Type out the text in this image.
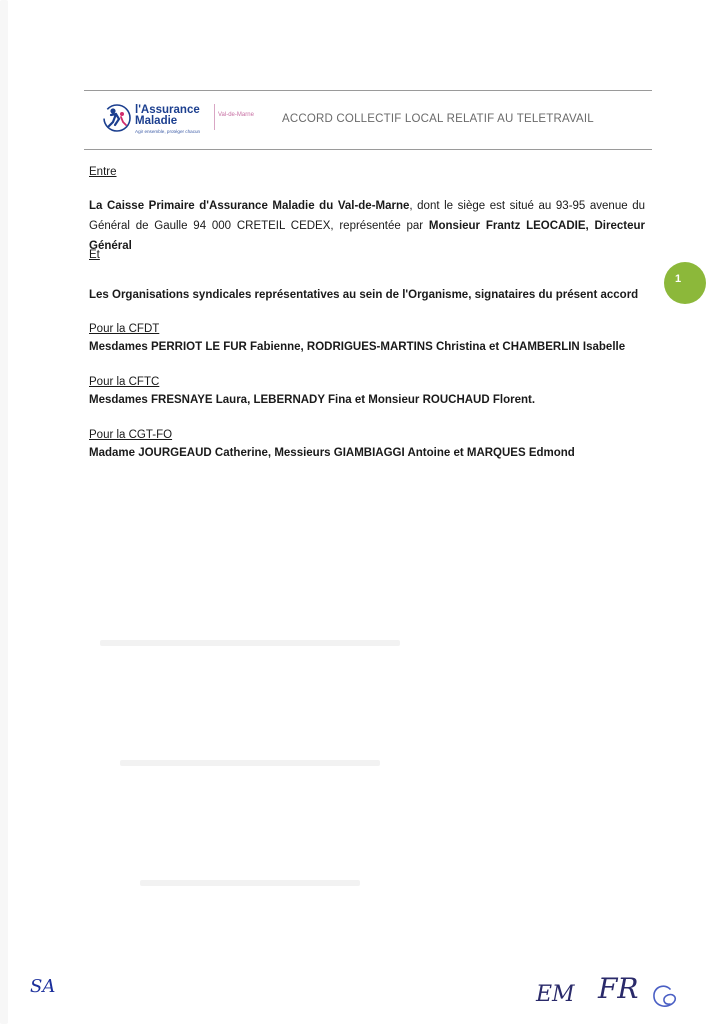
l'Assurance
Maladie
Agir ensemble, protéger chacun
Val-de-Marne ACCORD COLLECTIF LOCAL RELATIF AU TELETRAVAIL
Entre
La Caisse Primaire d'Assurance Maladie du Val-de-Marne, dont le siège est situé au 93-95 avenue du Général de Gaulle 94 000 CRETEIL CEDEX, représentée par Monsieur Frantz LEOCADIE, Directeur Général
Et
Les Organisations syndicales représentatives au sein de l'Organisme, signataires du présent accord
Pour la CFDT
Mesdames PERRIOT LE FUR Fabienne, RODRIGUES-MARTINS Christina et CHAMBERLIN Isabelle
Pour la CFTC
Mesdames FRESNAYE Laura, LEBERNADY Fina et Monsieur ROUCHAUD Florent.
Pour la CGT-FO
Madame JOURGEAUD Catherine, Messieurs GIAMBIAGGI Antoine et MARQUES Edmond
1
SA	EM FR
